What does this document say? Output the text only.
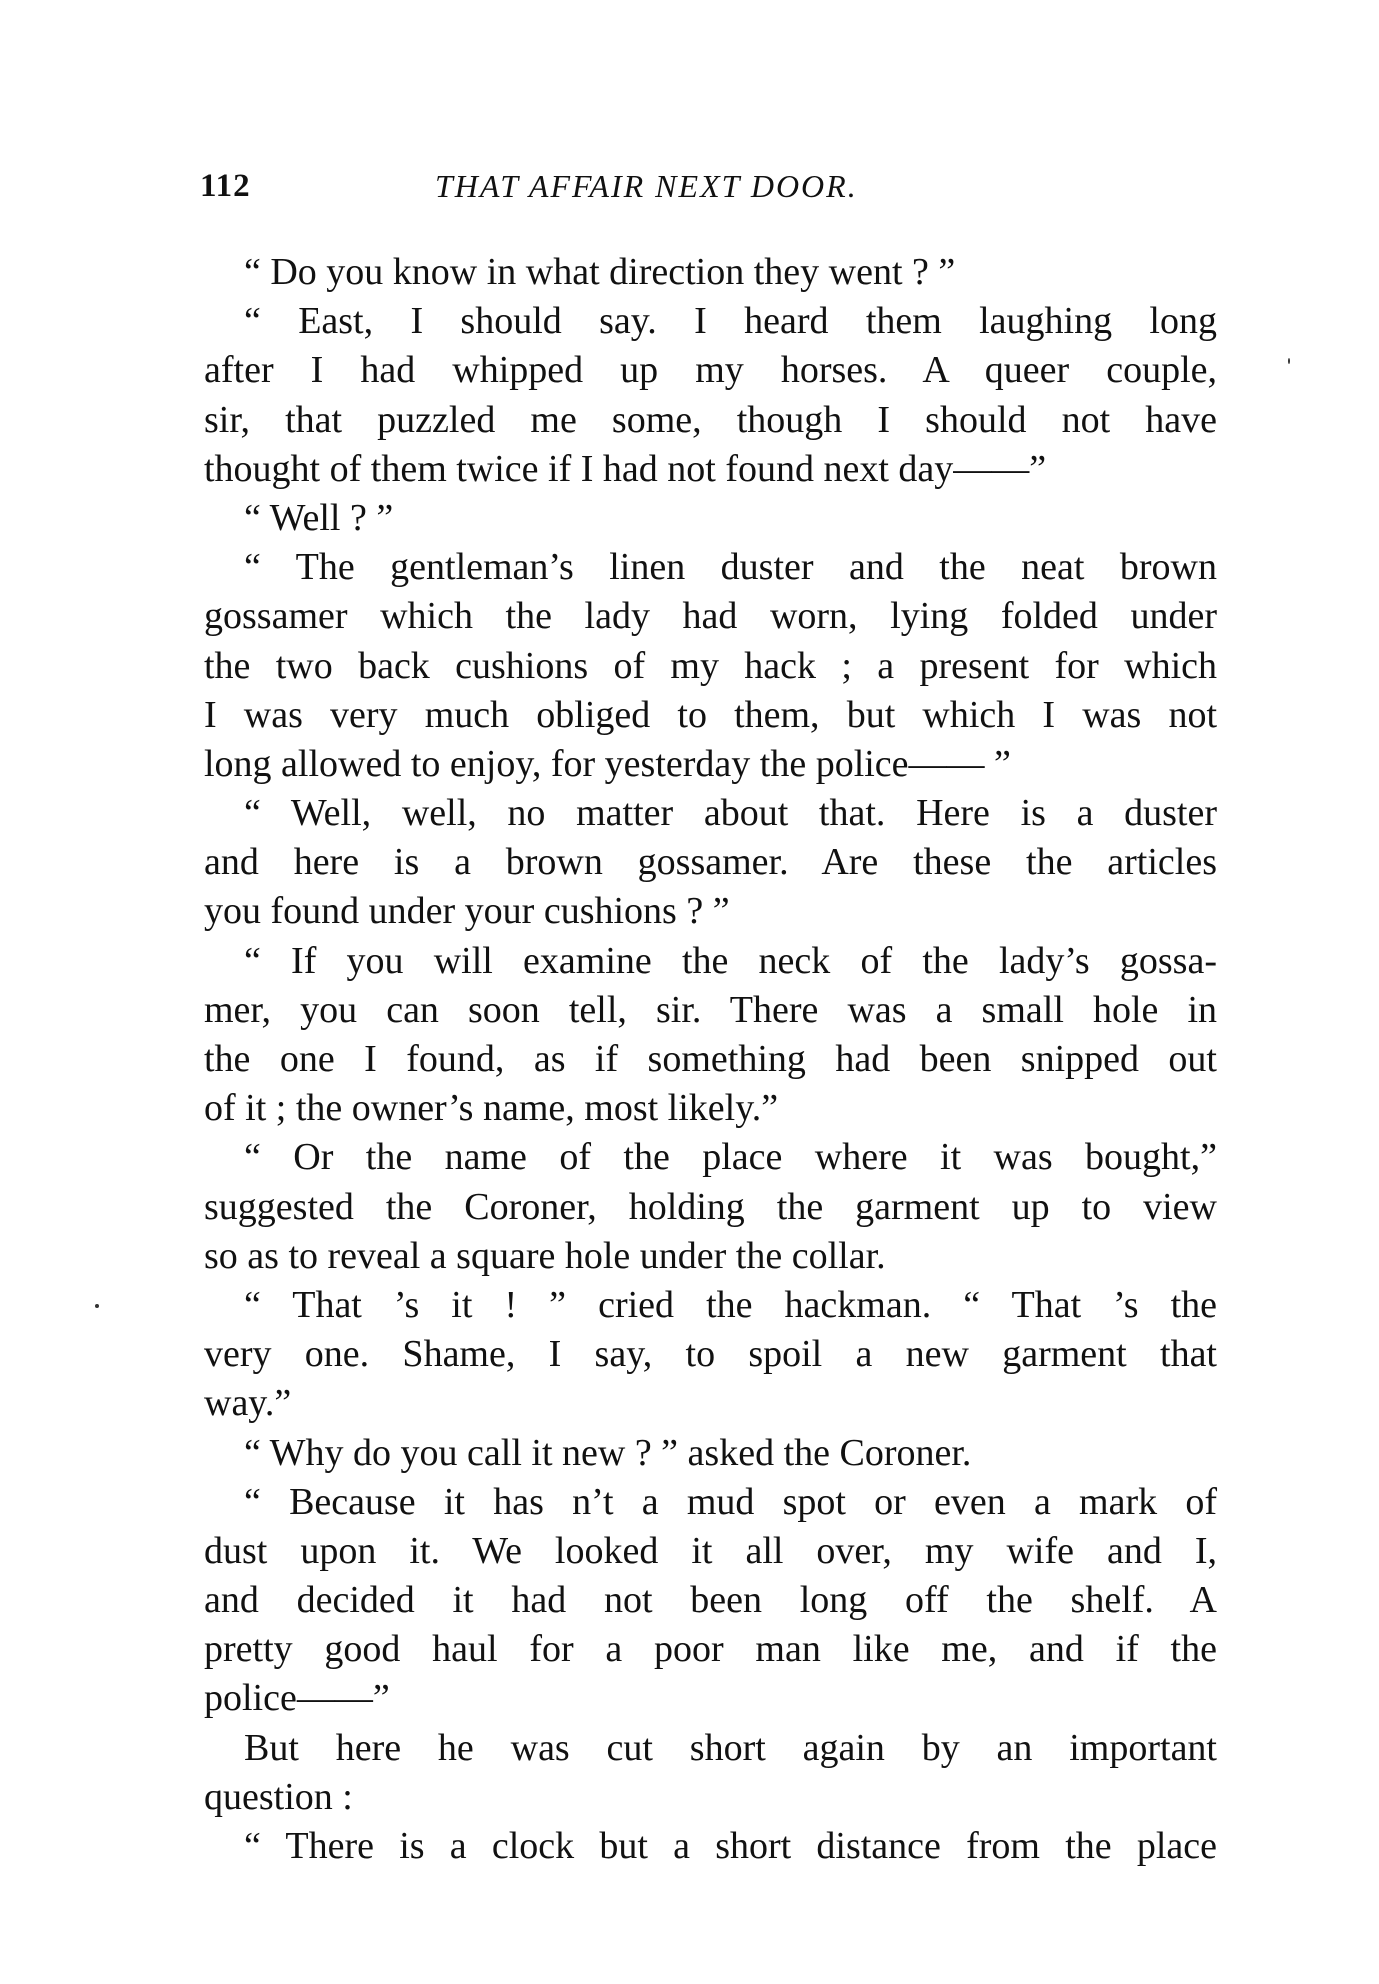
112	THAT AFFAIR NEXT DOOR.
“ Do you know in what direction they went ? ”
“ East, I should say. I heard them laughing long
after I had whipped up my horses. A queer couple,
sir, that puzzled me some, though I should not have
thought of them twice if I had not found next day——”
“ Well ? ”
“ The gentleman’s linen duster and the neat brown
gossamer which the lady had worn, lying folded under
the two back cushions of my hack ; a present for which
I was very much obliged to them, but which I was not
long allowed to enjoy, for yesterday the police—— ”
“ Well, well, no matter about that. Here is a duster
and here is a brown gossamer. Are these the articles
you found under your cushions ? ”
“ If you will examine the neck of the lady’s gossa-
mer, you can soon tell, sir. There was a small hole in
the one I found, as if something had been snipped out
of it ; the owner’s name, most likely.”
“ Or the name of the place where it was bought,”
suggested the Coroner, holding the garment up to view
so as to reveal a square hole under the collar.
“ That ’s it ! ” cried the hackman. “ That ’s the
very one. Shame, I say, to spoil a new garment that
way.”
“ Why do you call it new ? ” asked the Coroner.
“ Because it has n’t a mud spot or even a mark of
dust upon it. We looked it all over, my wife and I,
and decided it had not been long off the shelf. A
pretty good haul for a poor man like me, and if the
police——”
But here he was cut short again by an important
question :
“ There is a clock but a short distance from the place
